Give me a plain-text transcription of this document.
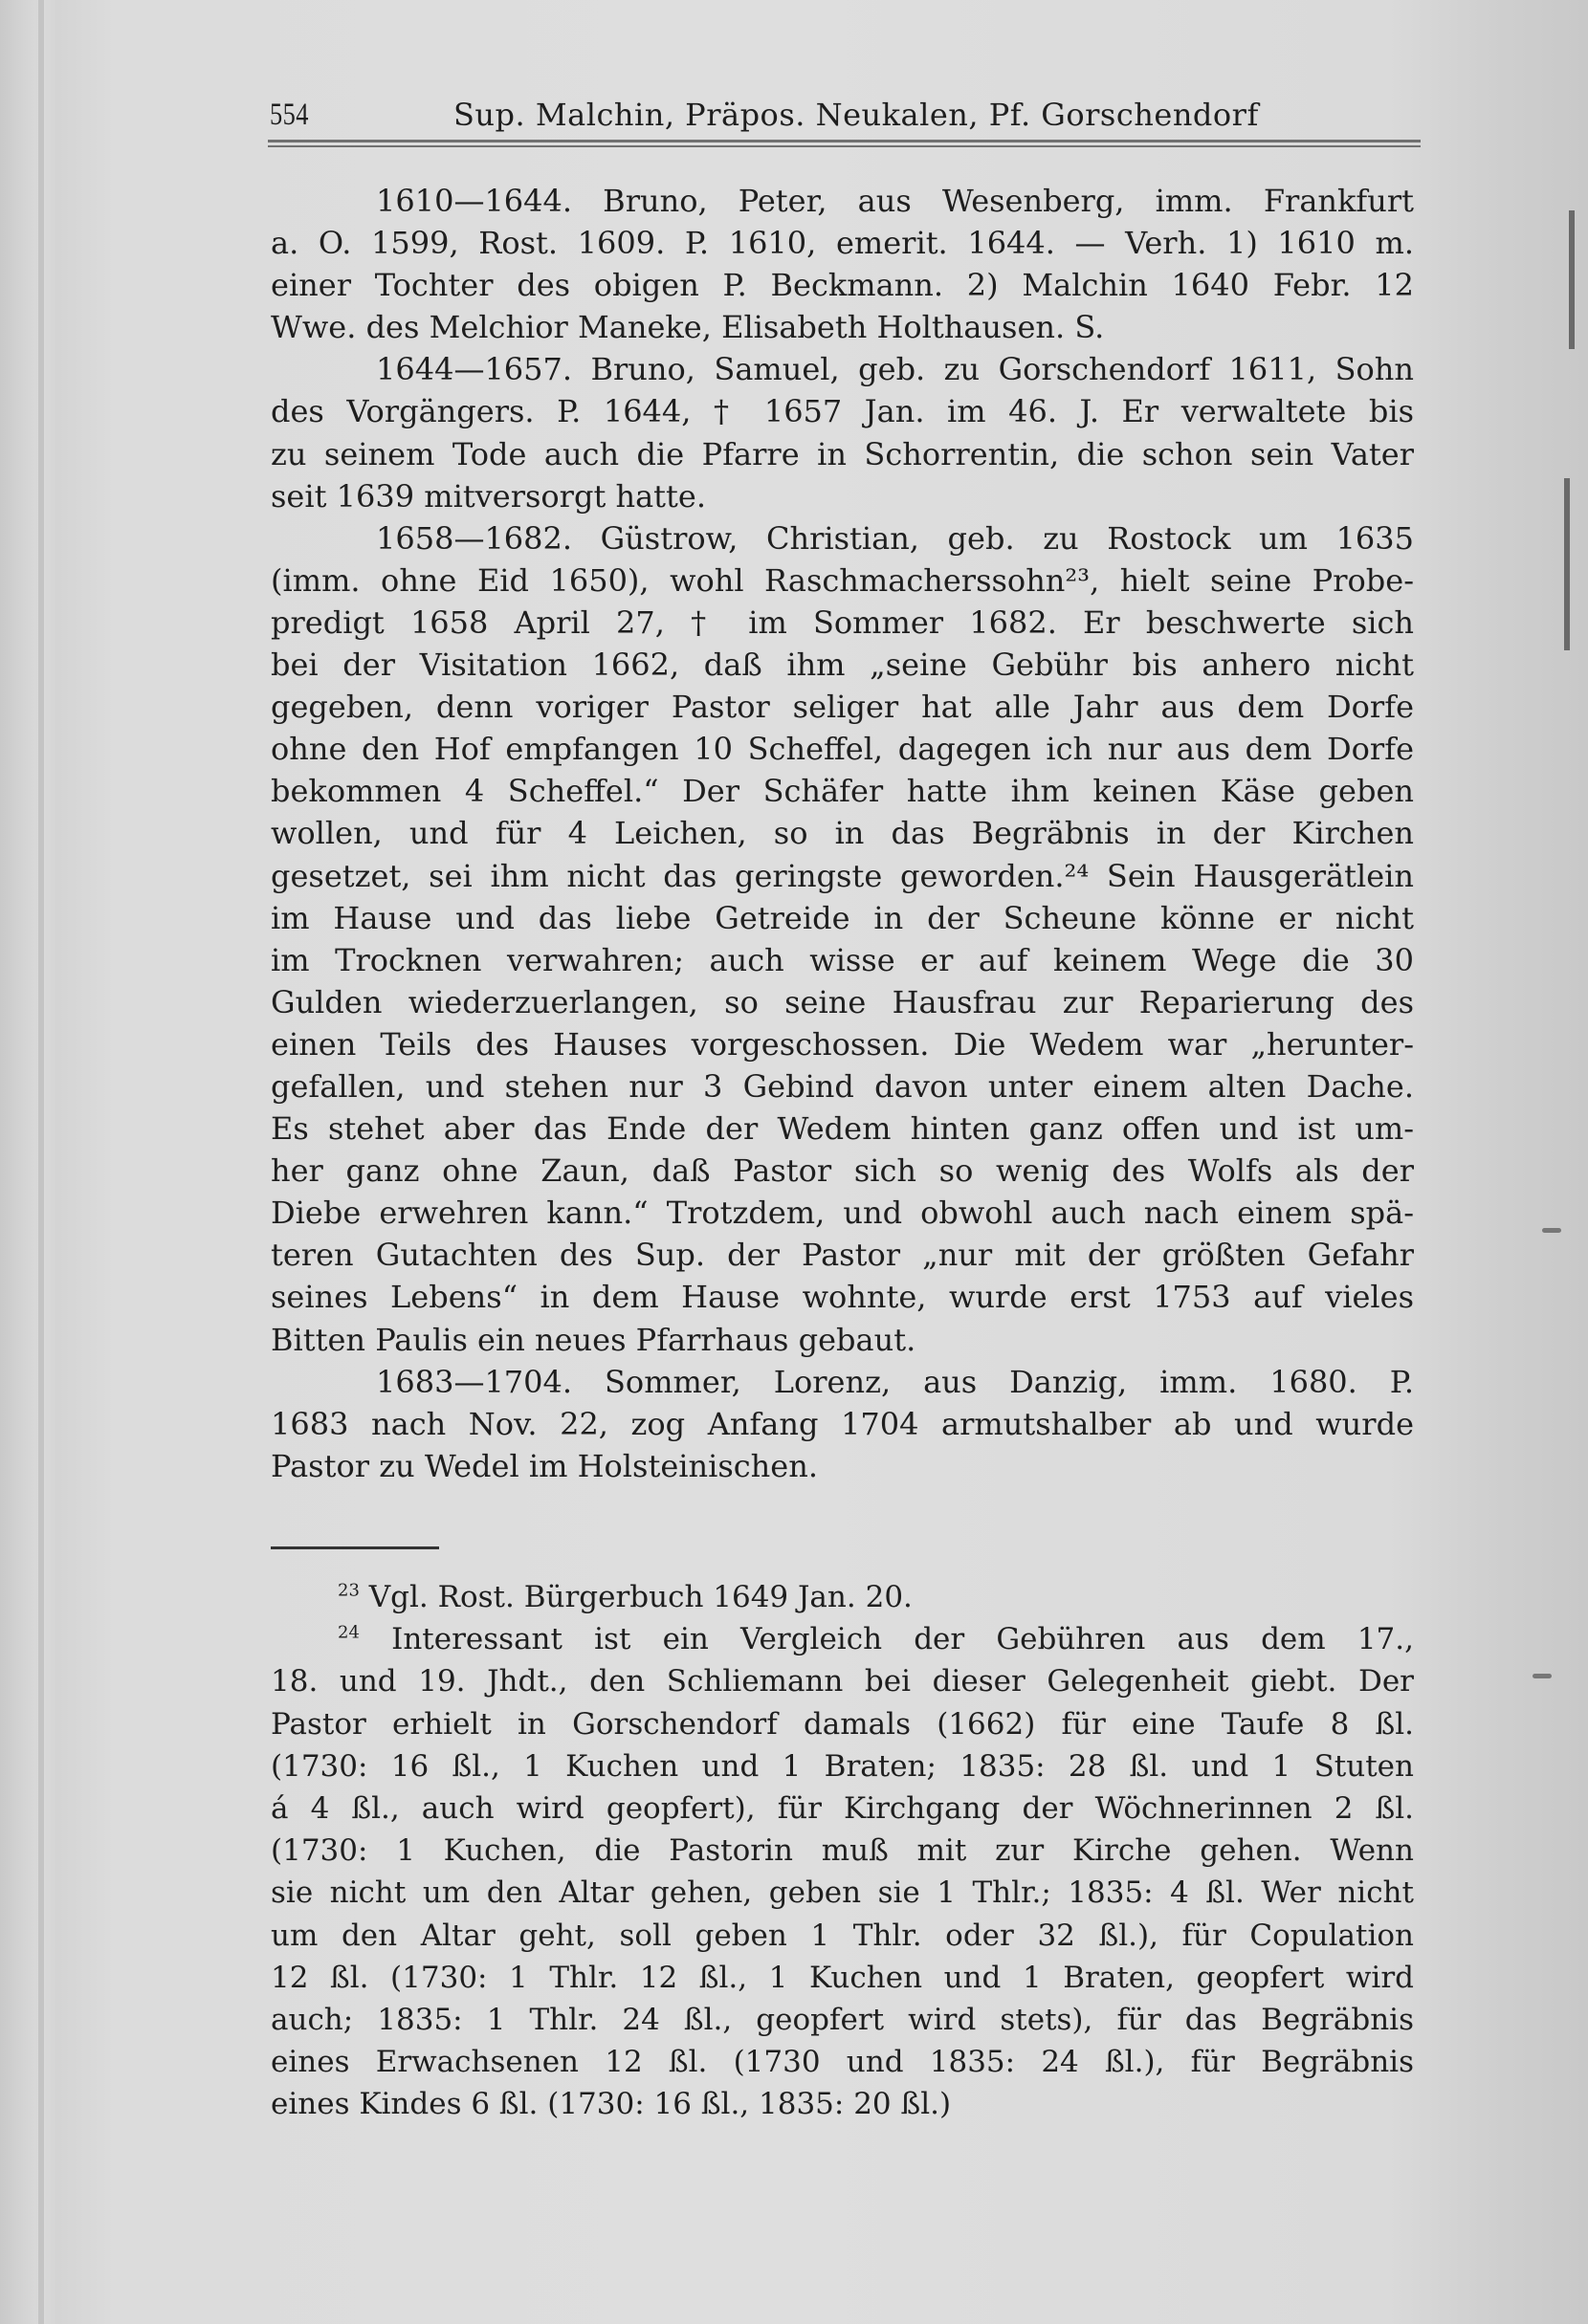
554	Sup. Malchin, Präpos. Neukalen, Pf. Gorschendorf
1610—1644. Bruno, Peter, aus Wesenberg, imm. Frankfurt
a. O. 1599, Rost. 1609. P. 1610, emerit. 1644. — Verh. 1) 1610 m.
einer Tochter des obigen P. Beckmann. 2) Malchin 1640 Febr. 12
Wwe. des Melchior Maneke, Elisabeth Holthausen. S.
1644—1657. Bruno, Samuel, geb. zu Gorschendorf 1611, Sohn
des Vorgängers. P. 1644, † 1657 Jan. im 46. J. Er verwaltete bis
zu seinem Tode auch die Pfarre in Schorrentin, die schon sein Vater
seit 1639 mitversorgt hatte.
1658—1682. Güstrow, Christian, geb. zu Rostock um 1635
(imm. ohne Eid 1650), wohl Raschmacherssohn²³, hielt seine Probe-
predigt 1658 April 27, † im Sommer 1682. Er beschwerte sich
bei der Visitation 1662, daß ihm „seine Gebühr bis anhero nicht
gegeben, denn voriger Pastor seliger hat alle Jahr aus dem Dorfe
ohne den Hof empfangen 10 Scheffel, dagegen ich nur aus dem Dorfe
bekommen 4 Scheffel.“ Der Schäfer hatte ihm keinen Käse geben
wollen, und für 4 Leichen, so in das Begräbnis in der Kirchen
gesetzet, sei ihm nicht das geringste geworden.²⁴ Sein Hausgerätlein
im Hause und das liebe Getreide in der Scheune könne er nicht
im Trocknen verwahren; auch wisse er auf keinem Wege die 30
Gulden wiederzuerlangen, so seine Hausfrau zur Reparierung des
einen Teils des Hauses vorgeschossen. Die Wedem war „herunter-
gefallen, und stehen nur 3 Gebind davon unter einem alten Dache.
Es stehet aber das Ende der Wedem hinten ganz offen und ist um-
her ganz ohne Zaun, daß Pastor sich so wenig des Wolfs als der
Diebe erwehren kann.“ Trotzdem, und obwohl auch nach einem spä-
teren Gutachten des Sup. der Pastor „nur mit der größten Gefahr
seines Lebens“ in dem Hause wohnte, wurde erst 1753 auf vieles
Bitten Paulis ein neues Pfarrhaus gebaut.
1683—1704. Sommer, Lorenz, aus Danzig, imm. 1680. P.
1683 nach Nov. 22, zog Anfang 1704 armutshalber ab und wurde
Pastor zu Wedel im Holsteinischen.
$^{23}$ Vgl. Rost. Bürgerbuch 1649 Jan. 20.
$^{24}$ Interessant ist ein Vergleich der Gebühren aus dem 17.,
18. und 19. Jhdt., den Schliemann bei dieser Gelegenheit giebt. Der
Pastor erhielt in Gorschendorf damals (1662) für eine Taufe 8 ßl.
(1730: 16 ßl., 1 Kuchen und 1 Braten; 1835: 28 ßl. und 1 Stuten
á 4 ßl., auch wird geopfert), für Kirchgang der Wöchnerinnen 2 ßl.
(1730: 1 Kuchen, die Pastorin muß mit zur Kirche gehen. Wenn
sie nicht um den Altar gehen, geben sie 1 Thlr.; 1835: 4 ßl. Wer nicht
um den Altar geht, soll geben 1 Thlr. oder 32 ßl.), für Copulation
12 ßl. (1730: 1 Thlr. 12 ßl., 1 Kuchen und 1 Braten, geopfert wird
auch; 1835: 1 Thlr. 24 ßl., geopfert wird stets), für das Begräbnis
eines Erwachsenen 12 ßl. (1730 und 1835: 24 ßl.), für Begräbnis
eines Kindes 6 ßl. (1730: 16 ßl., 1835: 20 ßl.)
